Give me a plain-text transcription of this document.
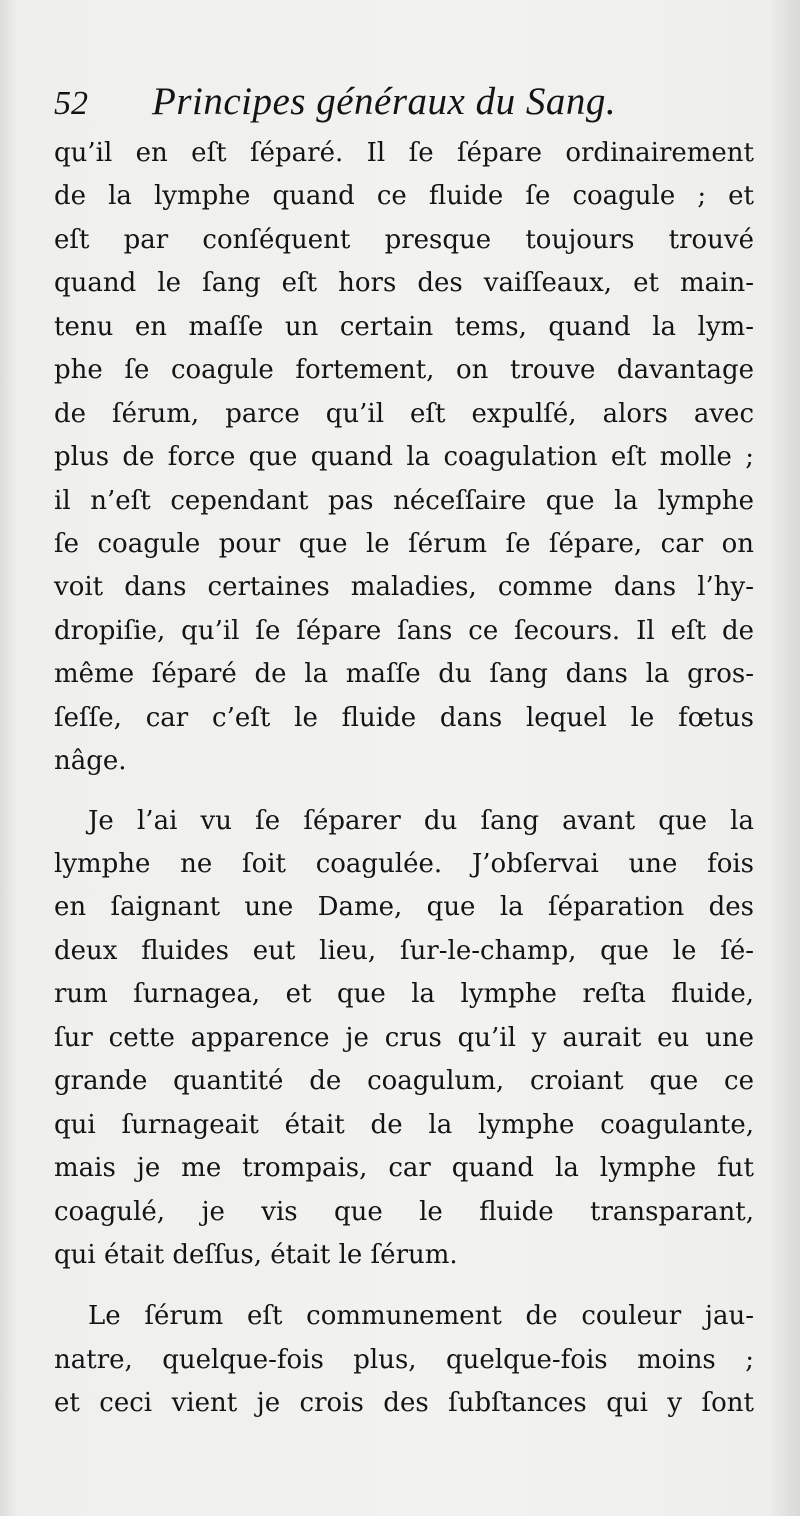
52 Principes généraux du Sang.

qu’il en eſt ſéparé. Il ſe ſépare ordinairement
de la lymphe quand ce fluide ſe coagule ; et
eſt par conſéquent presque toujours trouvé
quand le ſang eſt hors des vaiſſeaux, et main-
tenu en maſſe un certain tems, quand la lym-
phe ſe coagule fortement, on trouve davantage
de ſérum, parce qu’il eſt expulſé, alors avec
plus de force que quand la coagulation eſt molle ;
il n’eſt cependant pas néceſſaire que la lymphe
ſe coagule pour que le ſérum ſe ſépare, car on
voit dans certaines maladies, comme dans l’hy-
dropiſie, qu’il ſe ſépare ſans ce ſecours. Il eſt de
même ſéparé de la maſſe du ſang dans la gros-
ſeſſe, car c’eſt le fluide dans lequel le fœtus
nâge.

Je l’ai vu ſe ſéparer du ſang avant que la
lymphe ne ſoit coagulée. J’obſervai une fois
en ſaignant une Dame, que la ſéparation des
deux fluides eut lieu, ſur-le-champ, que le ſé-
rum ſurnagea, et que la lymphe reſta fluide,
ſur cette apparence je crus qu’il y aurait eu une
grande quantité de coagulum, croiant que ce
qui ſurnageait était de la lymphe coagulante,
mais je me trompais, car quand la lymphe fut
coagulé, je vis que le fluide transparant,
qui était deſſus, était le ſérum.

Le ſérum eſt communement de couleur jau-
natre, quelque-fois plus, quelque-fois moins ;
et ceci vient je crois des ſubſtances qui y ſont
